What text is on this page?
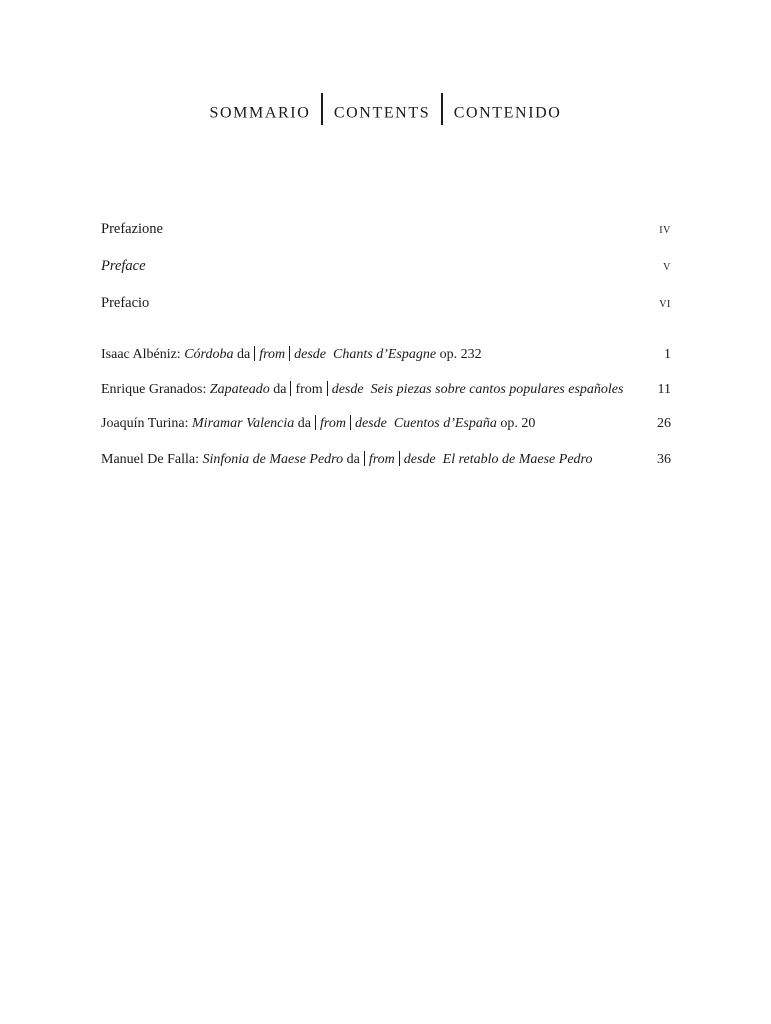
sommario contents contenido
Prefazione	iv
Preface	v
Prefacio	vi
Isaac Albéniz: Córdoba da from desde Chants d’Espagne op. 232	1
Enrique Granados: Zapateado da from desde Seis piezas sobre cantos populares españoles 11
Joaquín Turina: Miramar Valencia da from desde Cuentos d’España op. 20	26
Manuel De Falla: Sinfonia de Maese Pedro da from desde El retablo de Maese Pedro	36
